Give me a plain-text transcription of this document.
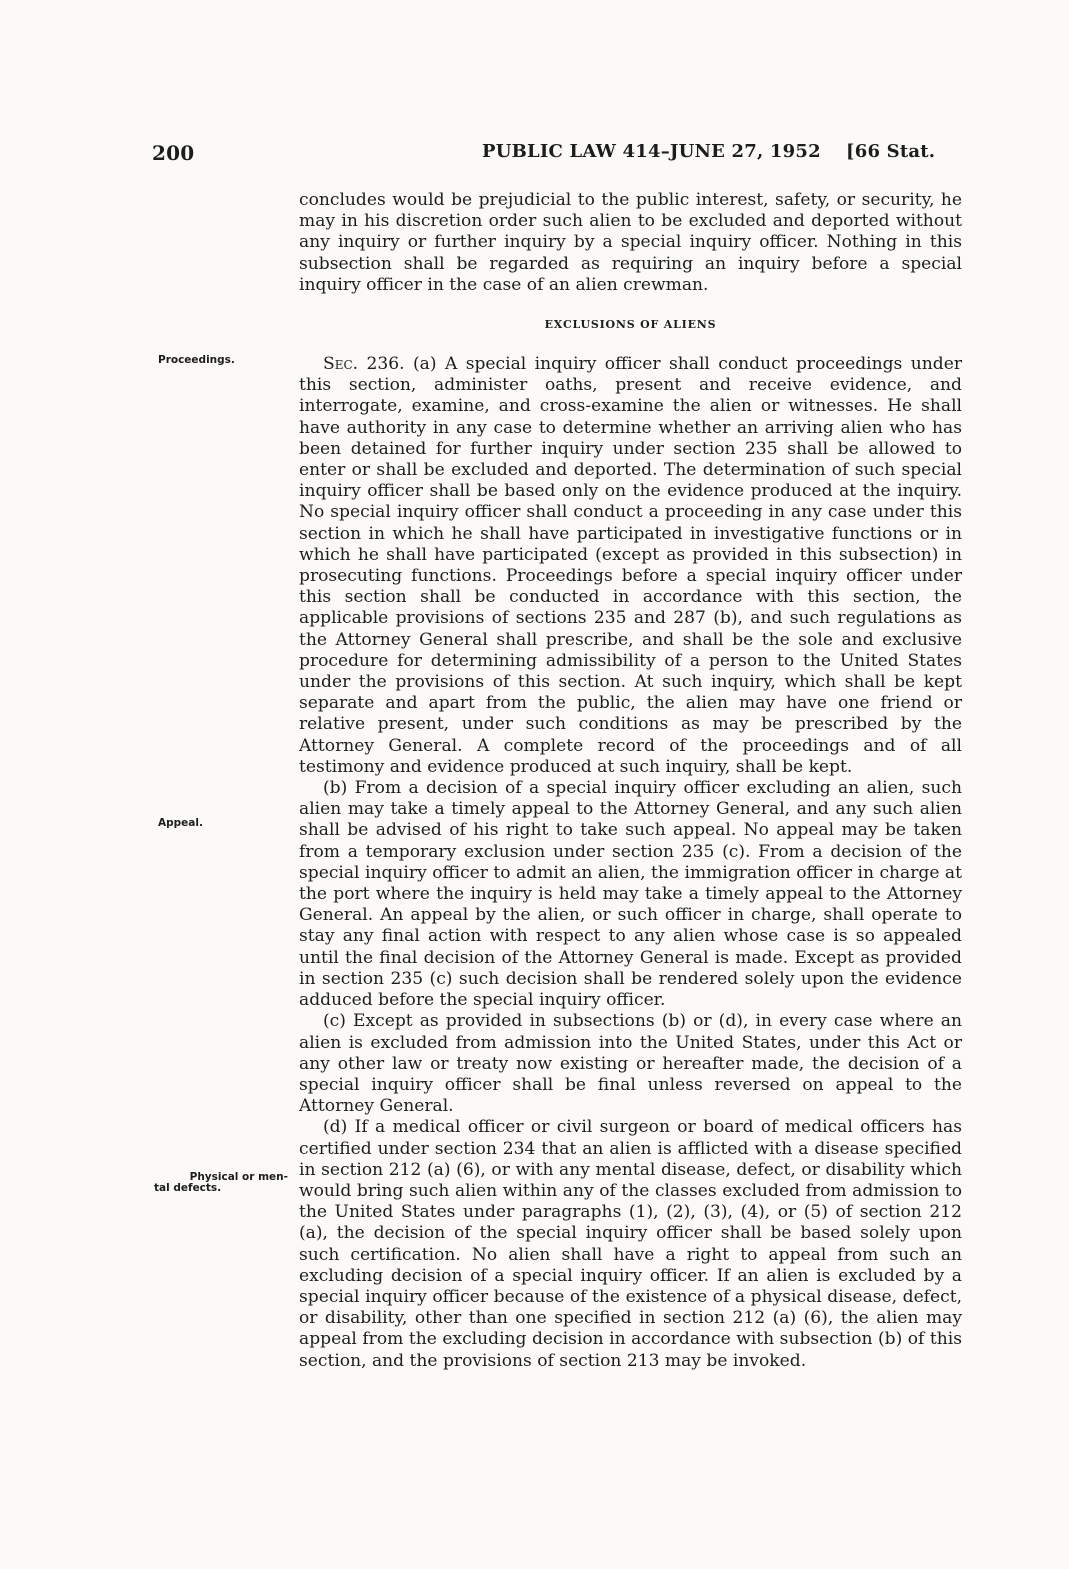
200	PUBLIC LAW 414–JUNE 27, 1952 [66 Stat.

concludes would be prejudicial to the public interest, safety, or security, he may in his discretion order such alien to be excluded and deported without any inquiry or further inquiry by a special inquiry officer. Nothing in this subsection shall be regarded as requiring an inquiry before a special inquiry officer in the case of an alien crewman.

EXCLUSIONS OF ALIENS
Proceedings.
Appeal.
Physical or men-
tal defects.

Sec. 236. (a) A special inquiry officer shall conduct proceedings under this section, administer oaths, present and receive evidence, and interrogate, examine, and cross-examine the alien or witnesses. He shall have authority in any case to determine whether an arriving alien who has been detained for further inquiry under section 235 shall be allowed to enter or shall be excluded and deported. The determination of such special inquiry officer shall be based only on the evidence produced at the inquiry. No special inquiry officer shall conduct a proceeding in any case under this section in which he shall have participated in investigative functions or in which he shall have participated (except as provided in this subsection) in prosecuting functions. Proceedings before a special inquiry officer under this section shall be conducted in accordance with this section, the applicable provisions of sections 235 and 287 (b), and such regulations as the Attorney General shall prescribe, and shall be the sole and exclusive procedure for determining admissibility of a person to the United States under the provisions of this section. At such inquiry, which shall be kept separate and apart from the public, the alien may have one friend or relative present, under such conditions as may be prescribed by the Attorney General. A complete record of the proceedings and of all testimony and evidence produced at such inquiry, shall be kept.

(b) From a decision of a special inquiry officer excluding an alien, such alien may take a timely appeal to the Attorney General, and any such alien shall be advised of his right to take such appeal. No appeal may be taken from a temporary exclusion under section 235 (c). From a decision of the special inquiry officer to admit an alien, the immigration officer in charge at the port where the inquiry is held may take a timely appeal to the Attorney General. An appeal by the alien, or such officer in charge, shall operate to stay any final action with respect to any alien whose case is so appealed until the final decision of the Attorney General is made. Except as provided in section 235 (c) such decision shall be rendered solely upon the evidence adduced before the special inquiry officer.

(c) Except as provided in subsections (b) or (d), in every case where an alien is excluded from admission into the United States, under this Act or any other law or treaty now existing or hereafter made, the decision of a special inquiry officer shall be final unless reversed on appeal to the Attorney General.

(d) If a medical officer or civil surgeon or board of medical officers has certified under section 234 that an alien is afflicted with a disease specified in section 212 (a) (6), or with any mental disease, defect, or disability which would bring such alien within any of the classes excluded from admission to the United States under paragraphs (1), (2), (3), (4), or (5) of section 212 (a), the decision of the special inquiry officer shall be based solely upon such certification. No alien shall have a right to appeal from such an excluding decision of a special inquiry officer. If an alien is excluded by a special inquiry officer because of the existence of a physical disease, defect, or disability, other than one specified in section 212 (a) (6), the alien may appeal from the excluding decision in accordance with subsection (b) of this section, and the provisions of section 213 may be invoked.
